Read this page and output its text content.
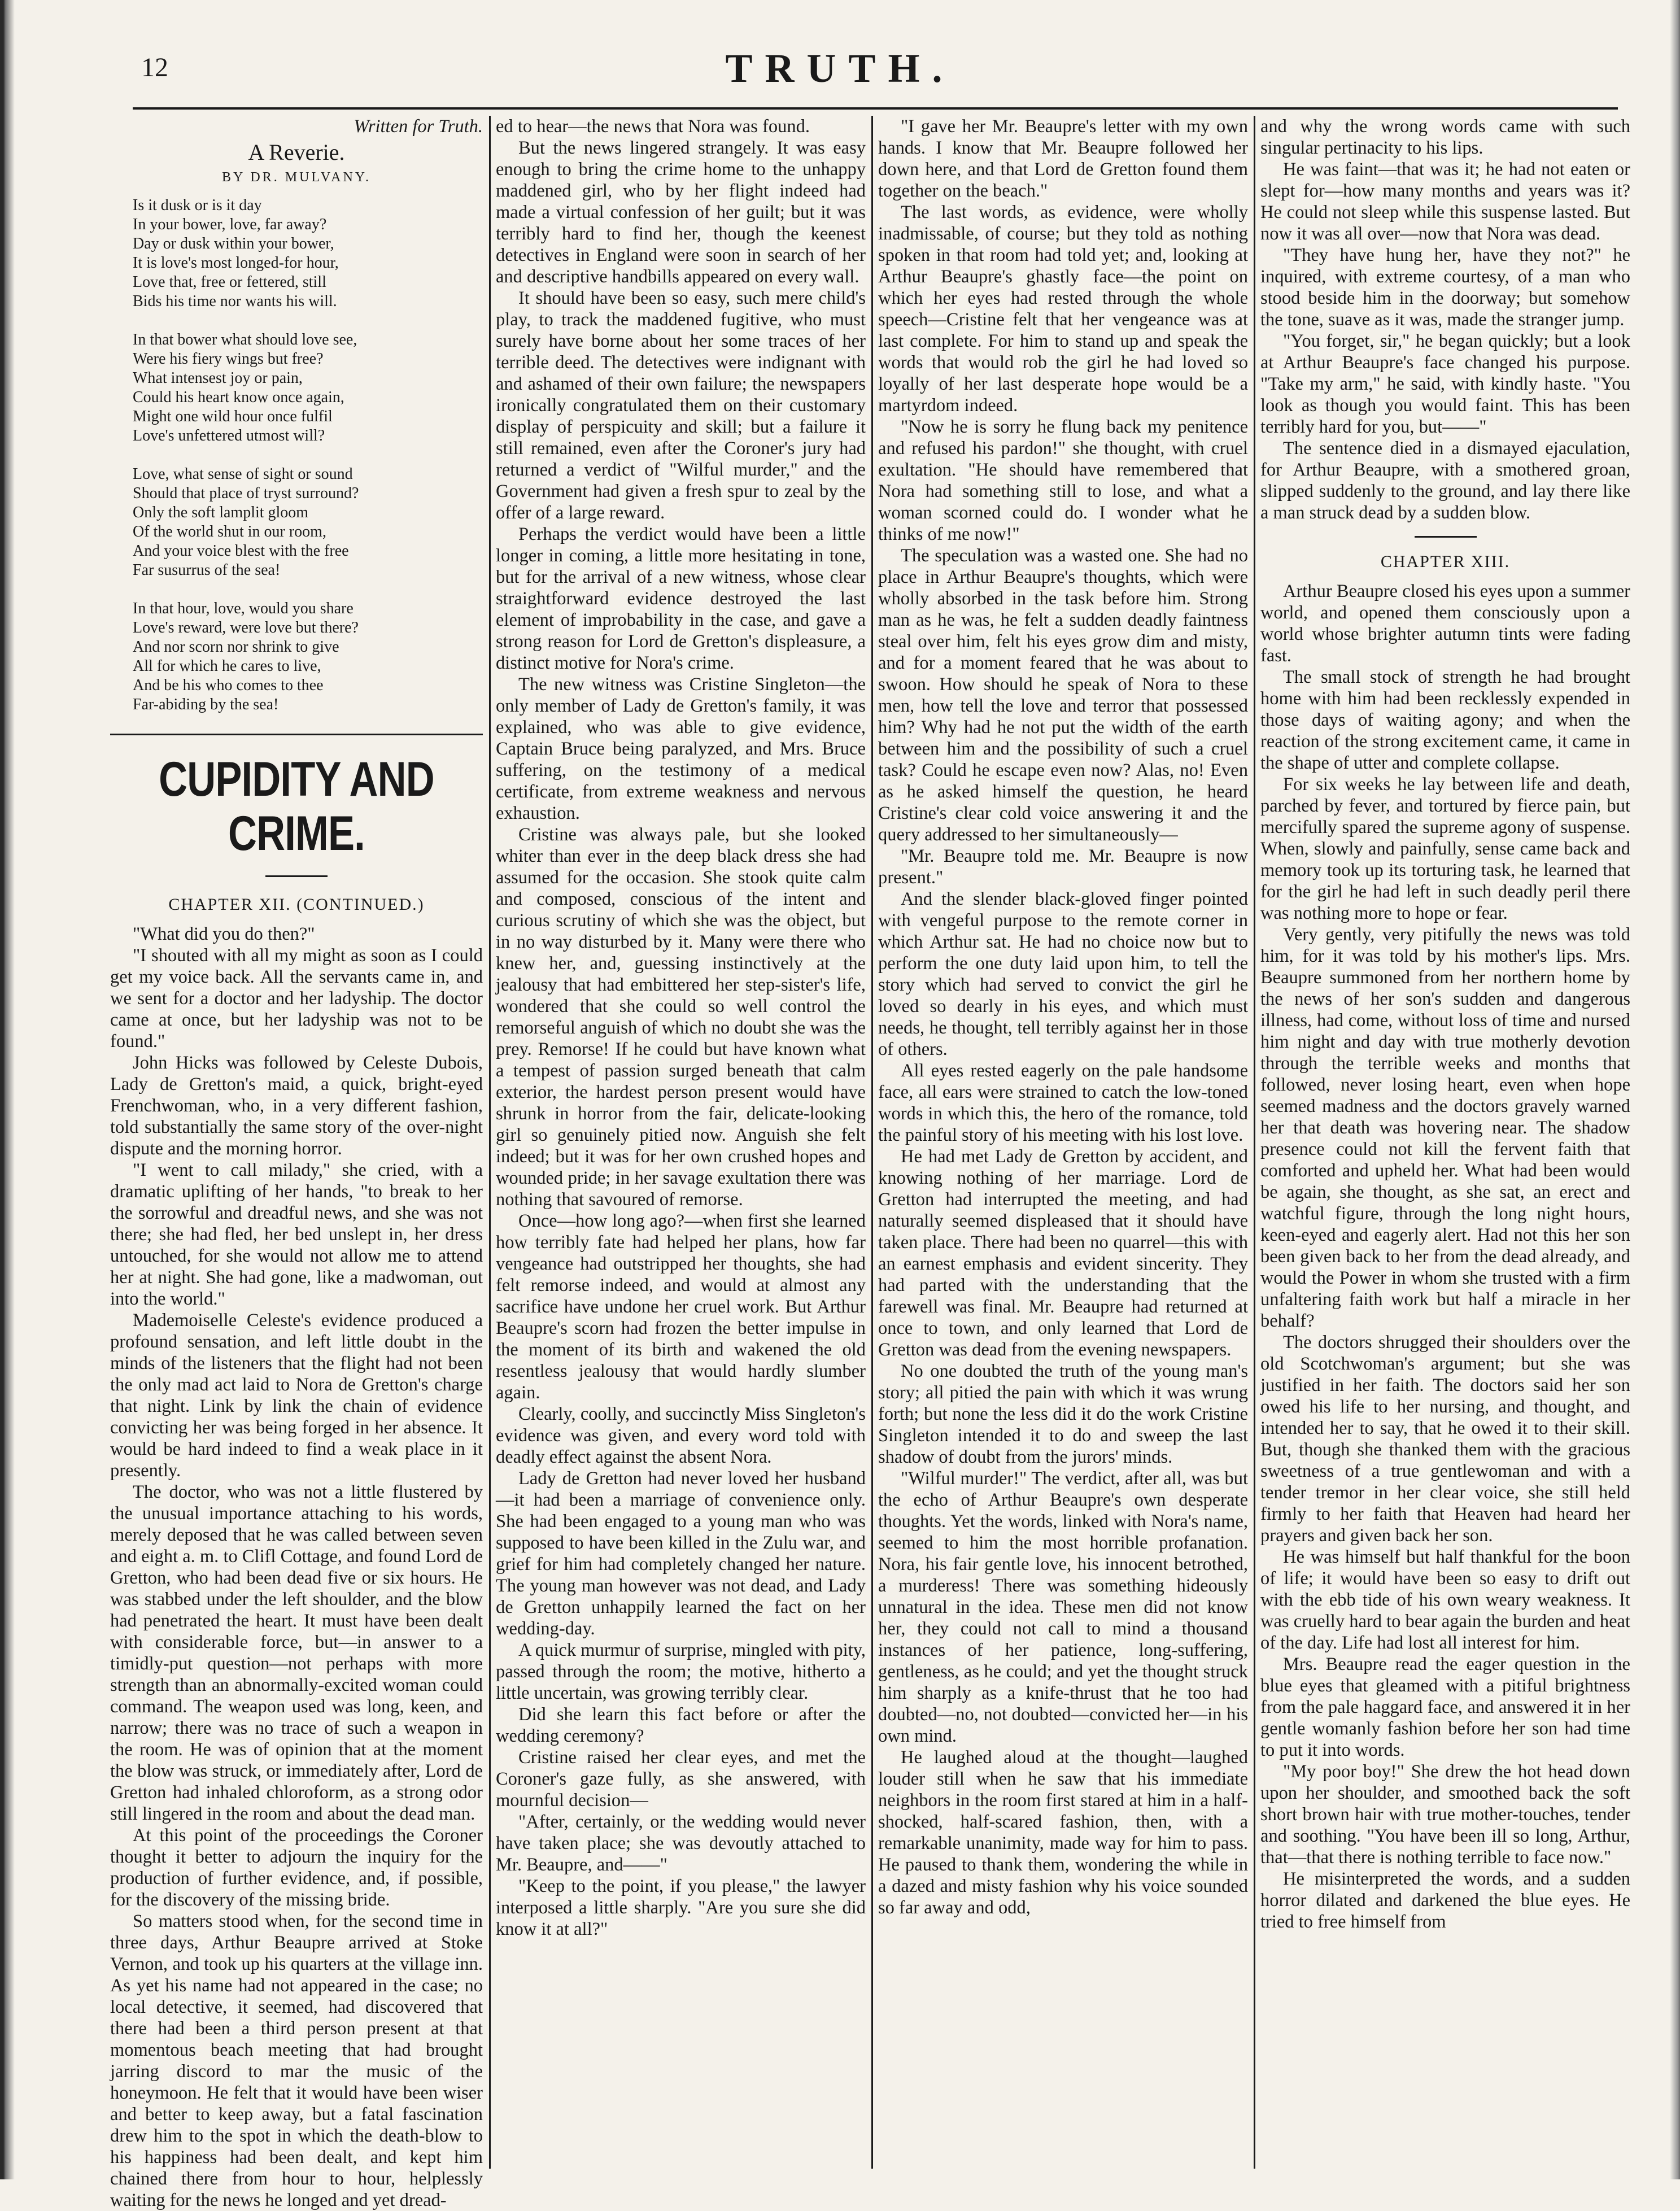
12	TRUTH.

Written for Truth.

A Reverie.

BY DR. MULVANY.

Is it dusk or is it day

In your bower, love, far away?

Day or dusk within your bower,

It is love's most longed-for hour,

Love that, free or fettered, still

Bids his time nor wants his will.

In that bower what should love see,

Were his fiery wings but free?

What intensest joy or pain,

Could his heart know once again,

Might one wild hour once fulfil

Love's unfettered utmost will?

Love, what sense of sight or sound

Should that place of tryst surround?

Only the soft lamplit gloom

Of the world shut in our room,

And your voice blest with the free

Far susurrus of the sea!

In that hour, love, would you share

Love's reward, were love but there?

And nor scorn nor shrink to give

All for which he cares to live,

And be his who comes to thee

Far-abiding by the sea!

CUPIDITY AND CRIME.

CHAPTER XII. (CONTINUED.)

"What did you do then?"

"I shouted with all my might as soon as I could get my voice back. All the servants came in, and we sent for a doctor and her ladyship. The doctor came at once, but her ladyship was not to be found."

John Hicks was followed by Celeste Dubois, Lady de Gretton's maid, a quick, bright-eyed Frenchwoman, who, in a very different fashion, told substantially the same story of the over-night dispute and the morning horror.

"I went to call milady," she cried, with a dramatic uplifting of her hands, "to break to her the sorrowful and dreadful news, and she was not there; she had fled, her bed unslept in, her dress untouched, for she would not allow me to attend her at night. She had gone, like a madwoman, out into the world."

Mademoiselle Celeste's evidence produced a profound sensation, and left little doubt in the minds of the listeners that the flight had not been the only mad act laid to Nora de Gretton's charge that night. Link by link the chain of evidence convicting her was being forged in her absence. It would be hard indeed to find a weak place in it presently.

The doctor, who was not a little flustered by the unusual importance attaching to his words, merely deposed that he was called between seven and eight a. m. to Clifl Cottage, and found Lord de Gretton, who had been dead five or six hours. He was stabbed under the left shoulder, and the blow had penetrated the heart. It must have been dealt with considerable force, but—in answer to a timidly-put question—not perhaps with more strength than an abnormally-excited woman could command. The weapon used was long, keen, and narrow; there was no trace of such a weapon in the room. He was of opinion that at the moment the blow was struck, or immediately after, Lord de Gretton had inhaled chloroform, as a strong odor still lingered in the room and about the dead man.

At this point of the proceedings the Coroner thought it better to adjourn the inquiry for the production of further evidence, and, if possible, for the discovery of the missing bride.

So matters stood when, for the second time in three days, Arthur Beaupre arrived at Stoke Vernon, and took up his quarters at the village inn. As yet his name had not appeared in the case; no local detective, it seemed, had discovered that there had been a third person present at that momentous beach meeting that had brought jarring discord to mar the music of the honeymoon. He felt that it would have been wiser and better to keep away, but a fatal fascination drew him to the spot in which the death-blow to his happiness had been dealt, and kept him chained there from hour to hour, helplessly waiting for the news he longed and yet dread-

ed to hear—the news that Nora was found.

But the news lingered strangely. It was easy enough to bring the crime home to the unhappy maddened girl, who by her flight indeed had made a virtual confession of her guilt; but it was terribly hard to find her, though the keenest detectives in England were soon in search of her and descriptive handbills appeared on every wall.

It should have been so easy, such mere child's play, to track the maddened fugitive, who must surely have borne about her some traces of her terrible deed. The detectives were indignant with and ashamed of their own failure; the newspapers ironically congratulated them on their customary display of perspicuity and skill; but a failure it still remained, even after the Coroner's jury had returned a verdict of "Wilful murder," and the Government had given a fresh spur to zeal by the offer of a large reward.

Perhaps the verdict would have been a little longer in coming, a little more hesitating in tone, but for the arrival of a new witness, whose clear straightforward evidence destroyed the last element of improbability in the case, and gave a strong reason for Lord de Gretton's displeasure, a distinct motive for Nora's crime.

The new witness was Cristine Singleton—the only member of Lady de Gretton's family, it was explained, who was able to give evidence, Captain Bruce being paralyzed, and Mrs. Bruce suffering, on the testimony of a medical certificate, from extreme weakness and nervous exhaustion.

Cristine was always pale, but she looked whiter than ever in the deep black dress she had assumed for the occasion. She stook quite calm and composed, conscious of the intent and curious scrutiny of which she was the object, but in no way disturbed by it. Many were there who knew her, and, guessing instinctively at the jealousy that had embittered her step-sister's life, wondered that she could so well control the remorseful anguish of which no doubt she was the prey. Remorse! If he could but have known what a tempest of passion surged beneath that calm exterior, the hardest person present would have shrunk in horror from the fair, delicate-looking girl so genuinely pitied now. Anguish she felt indeed; but it was for her own crushed hopes and wounded pride; in her savage exultation there was nothing that savoured of remorse.

Once—how long ago?—when first she learned how terribly fate had helped her plans, how far vengeance had outstripped her thoughts, she had felt remorse indeed, and would at almost any sacrifice have undone her cruel work. But Arthur Beaupre's scorn had frozen the better impulse in the moment of its birth and wakened the old resentless jealousy that would hardly slumber again.

Clearly, coolly, and succinctly Miss Singleton's evidence was given, and every word told with deadly effect against the absent Nora.

Lady de Gretton had never loved her husband—it had been a marriage of convenience only. She had been engaged to a young man who was supposed to have been killed in the Zulu war, and grief for him had completely changed her nature. The young man however was not dead, and Lady de Gretton unhappily learned the fact on her wedding-day.

A quick murmur of surprise, mingled with pity, passed through the room; the motive, hitherto a little uncertain, was growing terribly clear.

Did she learn this fact before or after the wedding ceremony?

Cristine raised her clear eyes, and met the Coroner's gaze fully, as she answered, with mournful decision—

"After, certainly, or the wedding would never have taken place; she was devoutly attached to Mr. Beaupre, and——"

"Keep to the point, if you please," the lawyer interposed a little sharply. "Are you sure she did know it at all?"

"I gave her Mr. Beaupre's letter with my own hands. I know that Mr. Beaupre followed her down here, and that Lord de Gretton found them together on the beach."

The last words, as evidence, were wholly inadmissable, of course; but they told as nothing spoken in that room had told yet; and, looking at Arthur Beaupre's ghastly face—the point on which her eyes had rested through the whole speech—Cristine felt that her vengeance was at last complete. For him to stand up and speak the words that would rob the girl he had loved so loyally of her last desperate hope would be a martyrdom indeed.

"Now he is sorry he flung back my penitence and refused his pardon!" she thought, with cruel exultation. "He should have remembered that Nora had something still to lose, and what a woman scorned could do. I wonder what he thinks of me now!"

The speculation was a wasted one. She had no place in Arthur Beaupre's thoughts, which were wholly absorbed in the task before him. Strong man as he was, he felt a sudden deadly faintness steal over him, felt his eyes grow dim and misty, and for a moment feared that he was about to swoon. How should he speak of Nora to these men, how tell the love and terror that possessed him? Why had he not put the width of the earth between him and the possibility of such a cruel task? Could he escape even now? Alas, no! Even as he asked himself the question, he heard Cristine's clear cold voice answering it and the query addressed to her simultaneously—

"Mr. Beaupre told me. Mr. Beaupre is now present."

And the slender black-gloved finger pointed with vengeful purpose to the remote corner in which Arthur sat. He had no choice now but to perform the one duty laid upon him, to tell the story which had served to convict the girl he loved so dearly in his eyes, and which must needs, he thought, tell terribly against her in those of others.

All eyes rested eagerly on the pale handsome face, all ears were strained to catch the low-toned words in which this, the hero of the romance, told the painful story of his meeting with his lost love.

He had met Lady de Gretton by accident, and knowing nothing of her marriage. Lord de Gretton had interrupted the meeting, and had naturally seemed displeased that it should have taken place. There had been no quarrel—this with an earnest emphasis and evident sincerity. They had parted with the understanding that the farewell was final. Mr. Beaupre had returned at once to town, and only learned that Lord de Gretton was dead from the evening newspapers.

No one doubted the truth of the young man's story; all pitied the pain with which it was wrung forth; but none the less did it do the work Cristine Singleton intended it to do and sweep the last shadow of doubt from the jurors' minds.

"Wilful murder!" The verdict, after all, was but the echo of Arthur Beaupre's own desperate thoughts. Yet the words, linked with Nora's name, seemed to him the most horrible profanation. Nora, his fair gentle love, his innocent betrothed, a murderess! There was something hideously unnatural in the idea. These men did not know her, they could not call to mind a thousand instances of her patience, long-suffering, gentleness, as he could; and yet the thought struck him sharply as a knife-thrust that he too had doubted—no, not doubted—convicted her—in his own mind.

He laughed aloud at the thought—laughed louder still when he saw that his immediate neighbors in the room first stared at him in a half-shocked, half-scared fashion, then, with a remarkable unanimity, made way for him to pass. He paused to thank them, wondering the while in a dazed and misty fashion why his voice sounded so far away and odd,

and why the wrong words came with such singular pertinacity to his lips.

He was faint—that was it; he had not eaten or slept for—how many months and years was it? He could not sleep while this suspense lasted. But now it was all over—now that Nora was dead.

"They have hung her, have they not?" he inquired, with extreme courtesy, of a man who stood beside him in the doorway; but somehow the tone, suave as it was, made the stranger jump.

"You forget, sir," he began quickly; but a look at Arthur Beaupre's face changed his purpose. "Take my arm," he said, with kindly haste. "You look as though you would faint. This has been terribly hard for you, but——"

The sentence died in a dismayed ejaculation, for Arthur Beaupre, with a smothered groan, slipped suddenly to the ground, and lay there like a man struck dead by a sudden blow.

CHAPTER XIII.

Arthur Beaupre closed his eyes upon a summer world, and opened them consciously upon a world whose brighter autumn tints were fading fast.

The small stock of strength he had brought home with him had been recklessly expended in those days of waiting agony; and when the reaction of the strong excitement came, it came in the shape of utter and complete collapse.

For six weeks he lay between life and death, parched by fever, and tortured by fierce pain, but mercifully spared the supreme agony of suspense. When, slowly and painfully, sense came back and memory took up its torturing task, he learned that for the girl he had left in such deadly peril there was nothing more to hope or fear.

Very gently, very pitifully the news was told him, for it was told by his mother's lips. Mrs. Beaupre summoned from her northern home by the news of her son's sudden and dangerous illness, had come, without loss of time and nursed him night and day with true motherly devotion through the terrible weeks and months that followed, never losing heart, even when hope seemed madness and the doctors gravely warned her that death was hovering near. The shadow presence could not kill the fervent faith that comforted and upheld her. What had been would be again, she thought, as she sat, an erect and watchful figure, through the long night hours, keen-eyed and eagerly alert. Had not this her son been given back to her from the dead already, and would the Power in whom she trusted with a firm unfaltering faith work but half a miracle in her behalf?

The doctors shrugged their shoulders over the old Scotchwoman's argument; but she was justified in her faith. The doctors said her son owed his life to her nursing, and thought, and intended her to say, that he owed it to their skill. But, though she thanked them with the gracious sweetness of a true gentlewoman and with a tender tremor in her clear voice, she still held firmly to her faith that Heaven had heard her prayers and given back her son.

He was himself but half thankful for the boon of life; it would have been so easy to drift out with the ebb tide of his own weary weakness. It was cruelly hard to bear again the burden and heat of the day. Life had lost all interest for him.

Mrs. Beaupre read the eager question in the blue eyes that gleamed with a pitiful brightness from the pale haggard face, and answered it in her gentle womanly fashion before her son had time to put it into words.

"My poor boy!" She drew the hot head down upon her shoulder, and smoothed back the soft short brown hair with true mother-touches, tender and soothing. "You have been ill so long, Arthur, that—that there is nothing terrible to face now."

He misinterpreted the words, and a sudden horror dilated and darkened the blue eyes. He tried to free himself from
